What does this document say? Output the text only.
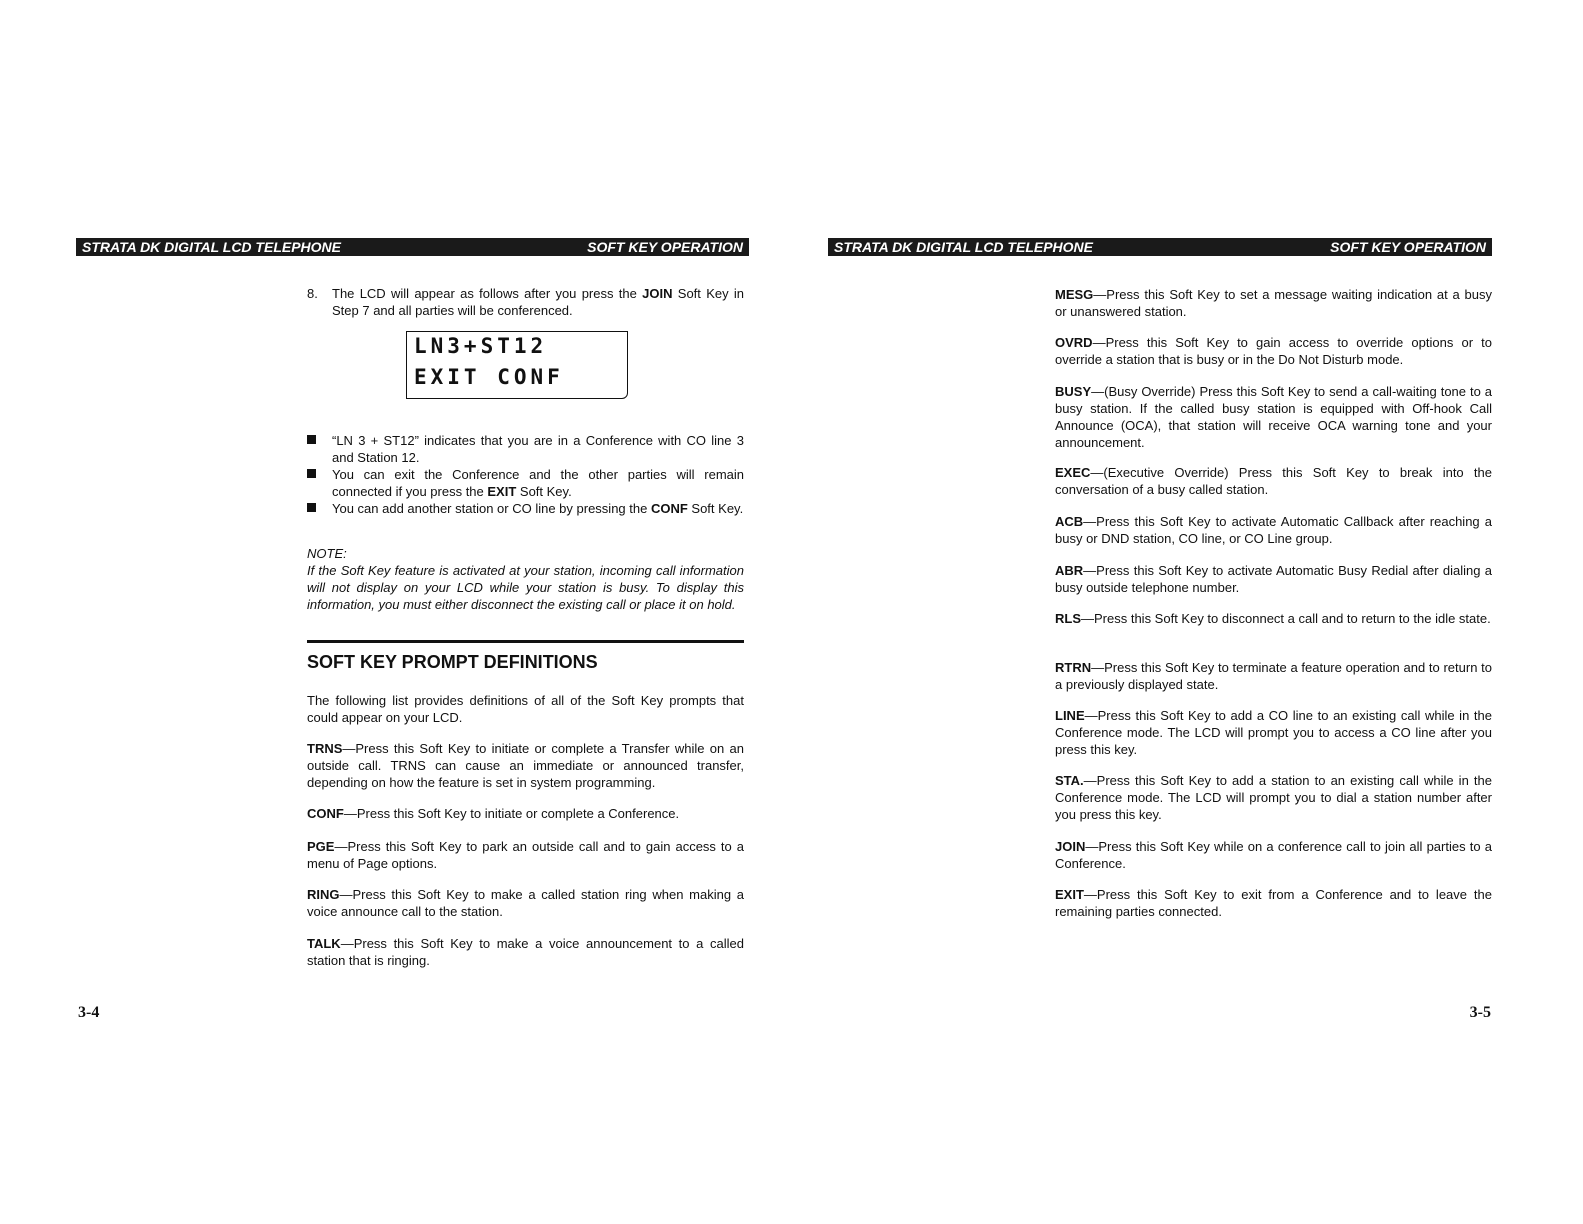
STRATA DK DIGITAL LCD TELEPHONE	SOFT KEY OPERATION
8. The LCD will appear as follows after you press the JOIN Soft Key in Step 7 and all parties will be conferenced.
LN3+ST12
EXIT CONF
“LN 3 + ST12” indicates that you are in a Conference with CO line 3 and Station 12.
You can exit the Conference and the other parties will remain connected if you press the EXIT Soft Key.
You can add another station or CO line by pressing the CONF Soft Key.
NOTE:
If the Soft Key feature is activated at your station, incoming call information will not display on your LCD while your station is busy. To display this information, you must either disconnect the existing call or place it on hold.
SOFT KEY PROMPT DEFINITIONS
The following list provides definitions of all of the Soft Key prompts that could appear on your LCD.
TRNS—Press this Soft Key to initiate or complete a Transfer while on an outside call. TRNS can cause an immediate or announced transfer, depending on how the feature is set in system programming.
CONF—Press this Soft Key to initiate or complete a Conference.
PGE—Press this Soft Key to park an outside call and to gain access to a menu of Page options.
RING—Press this Soft Key to make a called station ring when making a voice announce call to the station.
TALK—Press this Soft Key to make a voice announcement to a called station that is ringing.
3-4
STRATA DK DIGITAL LCD TELEPHONE	SOFT KEY OPERATION
MESG—Press this Soft Key to set a message waiting indication at a busy or unanswered station.
OVRD—Press this Soft Key to gain access to override options or to override a station that is busy or in the Do Not Disturb mode.
BUSY—(Busy Override) Press this Soft Key to send a call-waiting tone to a busy station. If the called busy station is equipped with Off-hook Call Announce (OCA), that station will receive OCA warning tone and your announcement.
EXEC—(Executive Override) Press this Soft Key to break into the conversation of a busy called station.
ACB—Press this Soft Key to activate Automatic Callback after reaching a busy or DND station, CO line, or CO Line group.
ABR—Press this Soft Key to activate Automatic Busy Redial after dialing a busy outside telephone number.
RLS—Press this Soft Key to disconnect a call and to return to the idle state.
RTRN—Press this Soft Key to terminate a feature operation and to return to a previously displayed state.
LINE—Press this Soft Key to add a CO line to an existing call while in the Conference mode. The LCD will prompt you to access a CO line after you press this key.
STA.—Press this Soft Key to add a station to an existing call while in the Conference mode. The LCD will prompt you to dial a station number after you press this key.
JOIN—Press this Soft Key while on a conference call to join all parties to a Conference.
EXIT—Press this Soft Key to exit from a Conference and to leave the remaining parties connected.
3-5
